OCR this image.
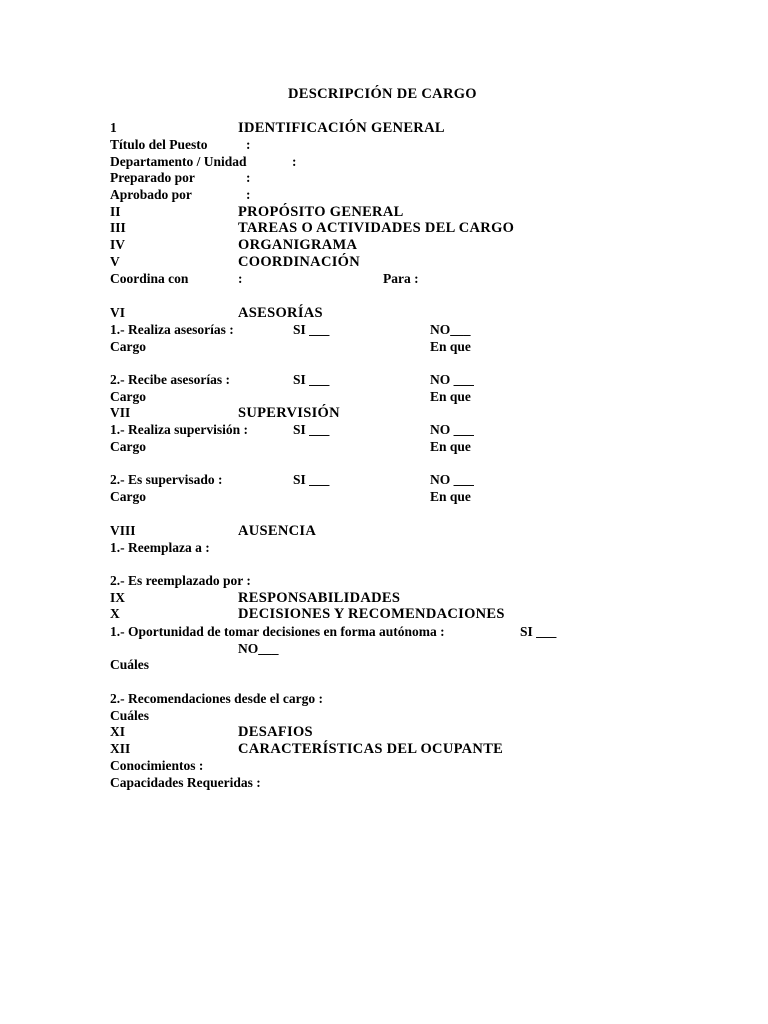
DESCRIPCIÓN DE CARGO
1	IDENTIFICACIÓN GENERAL
Título del Puesto	:
Departamento / Unidad	:
Preparado por	:
Aprobado por	:
II	PROPÓSITO GENERAL
III	TAREAS O ACTIVIDADES DEL CARGO
IV	ORGANIGRAMA
V	COORDINACIÓN
Coordina con	:	Para :
VI	ASESORÍAS
1.- Realiza asesorías :	SI ___	NO___
Cargo	En que
2.- Recibe asesorías :	SI ___	NO ___
Cargo	En que
VII	SUPERVISIÓN
1.- Realiza supervisión :	SI ___	NO ___
Cargo	En que
2.- Es supervisado :	SI ___	NO ___
Cargo	En que
VIII	AUSENCIA
1.- Reemplaza a :
2.- Es reemplazado por :
IX	RESPONSABILIDADES
X	DECISIONES Y RECOMENDACIONES
1.- Oportunidad de tomar decisiones en forma autónoma :	SI ___
NO___
Cuáles
2.- Recomendaciones desde el cargo :
Cuáles
XI	DESAFIOS
XII	CARACTERÍSTICAS DEL OCUPANTE
Conocimientos :
Capacidades Requeridas :
